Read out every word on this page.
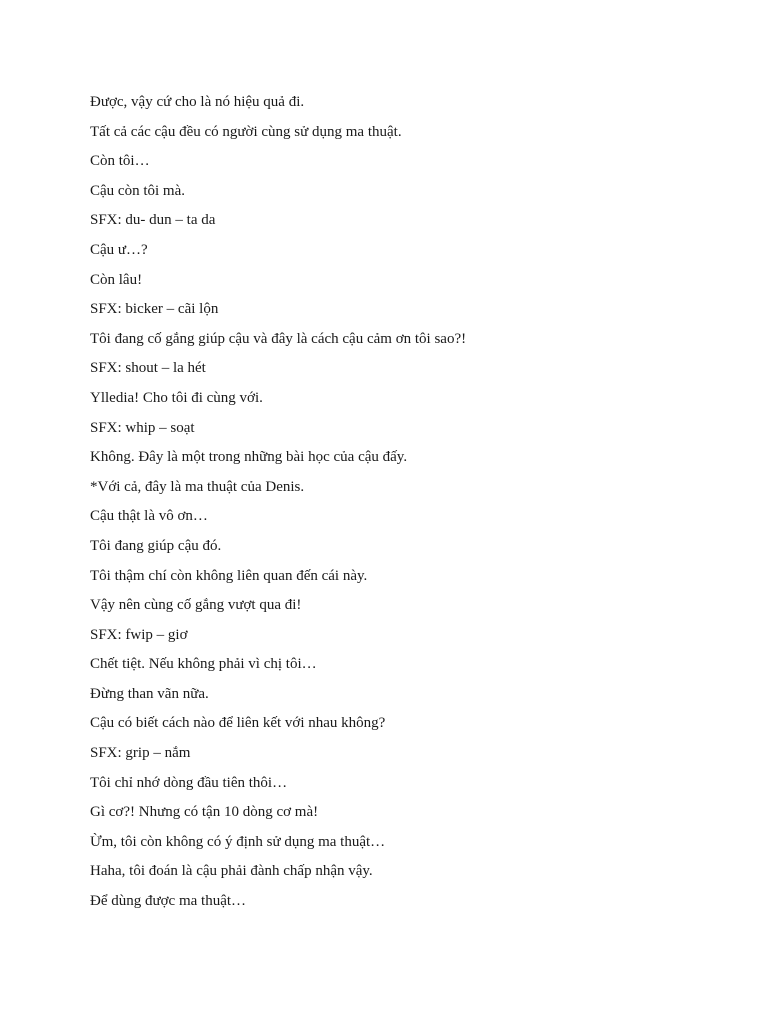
Được, vậy cứ cho là nó hiệu quả đi.
Tất cả các cậu đều có người cùng sử dụng ma thuật.
Còn tôi…
Cậu còn tôi mà.
SFX: du- dun – ta da
Cậu ư…?
Còn lâu!
SFX: bicker – cãi lộn
Tôi đang cố gắng giúp cậu và đây là cách cậu cảm ơn tôi sao?!
SFX: shout – la hét
Ylledia! Cho tôi đi cùng với.
SFX: whip – soạt
Không. Đây là một trong những bài học của cậu đấy.
*Với cả, đây là ma thuật của Denis.
Cậu thật là vô ơn…
Tôi đang giúp cậu đó.
Tôi thậm chí còn không liên quan đến cái này.
Vậy nên cùng cố gắng vượt qua đi!
SFX: fwip – giơ
Chết tiệt. Nếu không phải vì chị tôi…
Đừng than vãn nữa.
Cậu có biết cách nào để liên kết với nhau không?
SFX: grip – nắm
Tôi chỉ nhớ dòng đầu tiên thôi…
Gì cơ?! Nhưng có tận 10 dòng cơ mà!
Ừm, tôi còn không có ý định sử dụng ma thuật…
Haha, tôi đoán là cậu phải đành chấp nhận vậy.
Để dùng được ma thuật…
